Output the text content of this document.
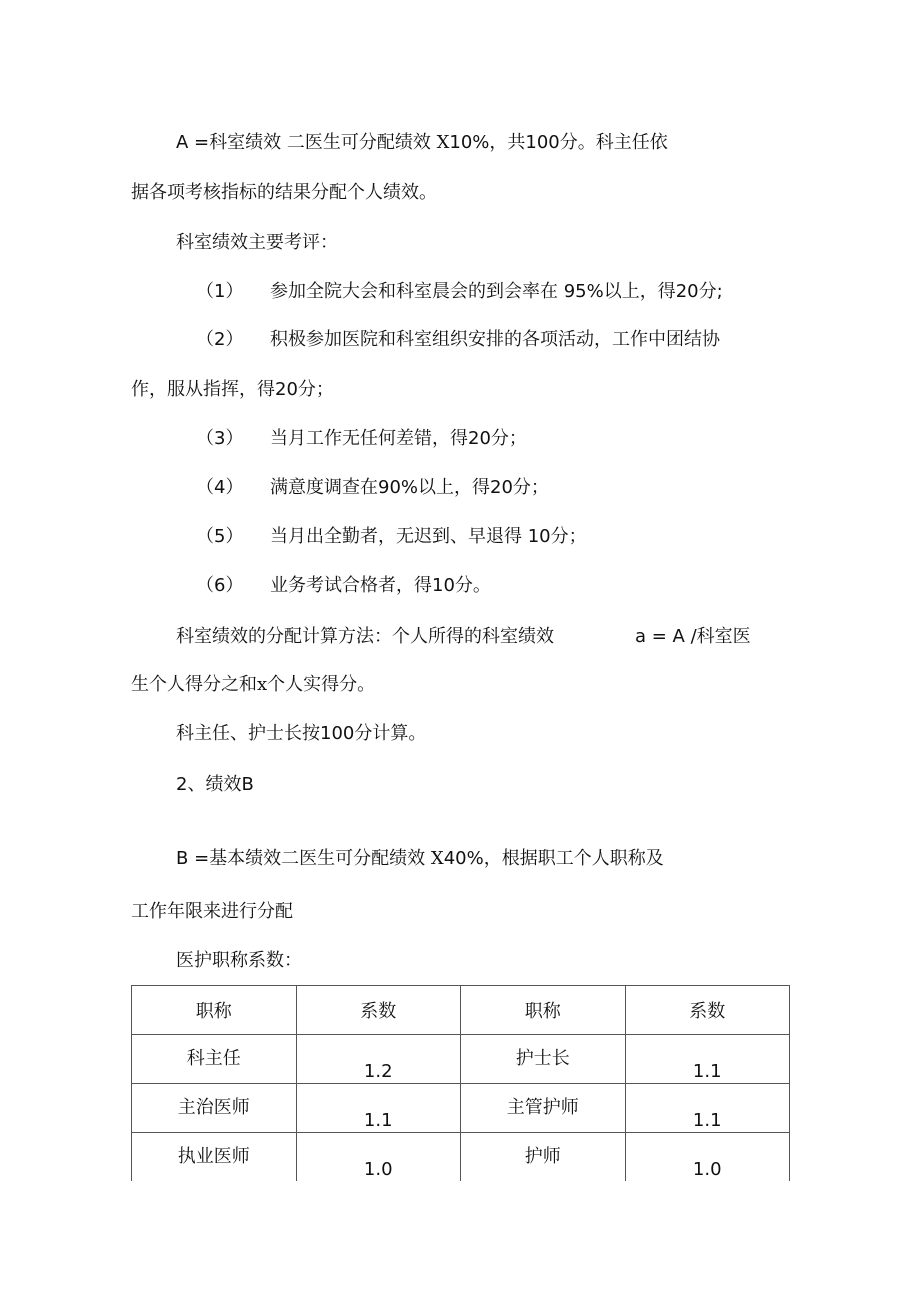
A =科室绩效 二医生可分配绩效 X10%，共100分。科主任依
据各项考核指标的结果分配个人绩效。
科室绩效主要考评：
（1） 参加全院大会和科室晨会的到会率在 95%以上，得20分;
（2） 积极参加医院和科室组织安排的各项活动，工作中团结协
作，服从指挥，得20分；
（3） 当月工作无任何差错，得20分；
（4） 满意度调查在90%以上，得20分；
（5） 当月出全勤者，无迟到、早退得 10分；
（6） 业务考试合格者，得10分。
科室绩效的分配计算方法：个人所得的科室绩效	a = A /科室医
生个人得分之和x个人实得分。
科主任、护士长按100分计算。
2、绩效B
B =基本绩效二医生可分配绩效 X40%，根据职工个人职称及
工作年限来进行分配
医护职称系数：
职称	系数	职称	系数

科主任	1.2	护士长	1.1

主治医师	1.1	主管护师	1.1

执业医师	1.0	护师	1.0
